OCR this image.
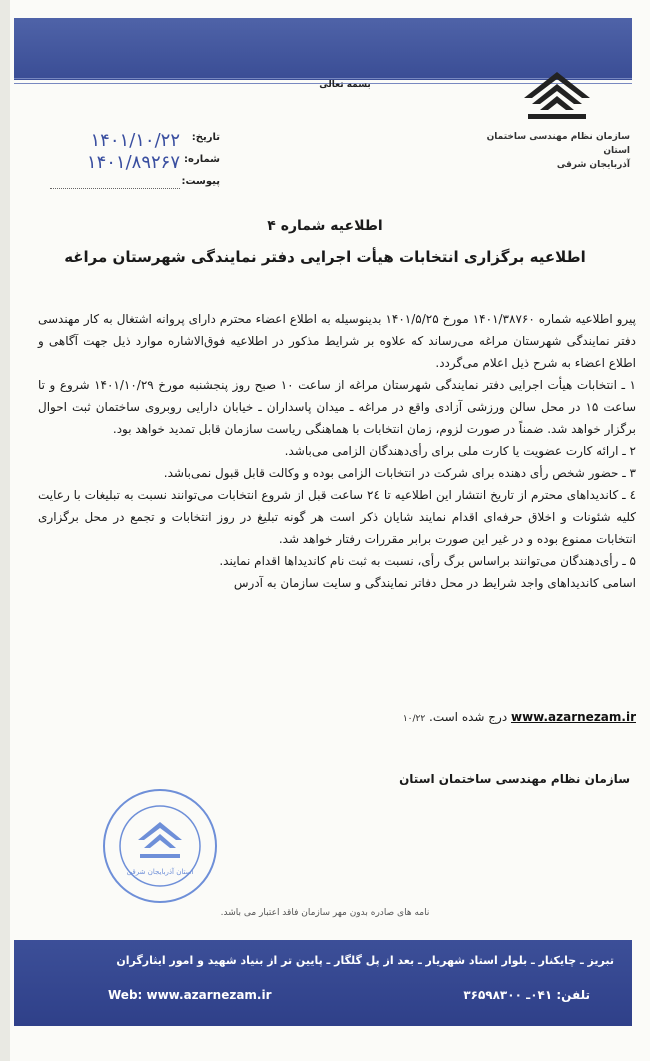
بسمه تعالی
سازمان نظام مهندسی ساختمان استان
آذربایجان شرقی
تاریخ:
۱۴۰۱/۱۰/۲۲
شماره:
۱۴۰۱/۸۹۲۶۷
پیوست:
اطلاعیه شماره ۴
اطلاعیه برگزاری انتخابات هیأت اجرایی دفتر نمایندگی شهرستان مراغه

پیرو اطلاعیه شماره ۱۴۰۱/۳۸۷۶۰ مورخ ۱۴۰۱/۵/۲۵ بدینوسیله به اطلاع اعضاء محترم دارای پروانه اشتغال به کار مهندسی دفتر نمایندگی شهرستان مراغه می‌رساند که علاوه بر شرایط مذکور در اطلاعیه فوق‌الاشاره موارد ذیل جهت آگاهی و اطلاع اعضاء به شرح ذیل اعلام می‌گردد.

۱ ـ انتخابات هیأت اجرایی دفتر نمایندگی شهرستان مراغه از ساعت ۱۰ صبح روز پنجشنبه مورخ ۱۴۰۱/۱۰/۲۹ شروع و تا ساعت ۱۵ در محل سالن ورزشی آزادی واقع در مراغه ـ میدان پاسداران ـ خیابان دارایی روبروی ساختمان ثبت احوال برگزار خواهد شد. ضمناً در صورت لزوم، زمان انتخابات با هماهنگی ریاست سازمان قابل تمدید خواهد بود.

۲ ـ ارائه کارت عضویت یا کارت ملی برای رأی‌دهندگان الزامی می‌باشد.

۳ ـ حضور شخص رأی دهنده برای شرکت در انتخابات الزامی بوده و وکالت قابل قبول نمی‌باشد.

٤ ـ کاندیداهای محترم از تاریخ انتشار این اطلاعیه تا ۲٤ ساعت قبل از شروع انتخابات می‌توانند نسبت به تبلیغات با رعایت کلیه شئونات و اخلاق حرفه‌ای اقدام نمایند شایان ذکر است هر گونه تبلیغ در روز انتخابات و تجمع در محل برگزاری انتخابات ممنوع بوده و در غیر این صورت برابر مقررات رفتار خواهد شد.

۵ ـ رأی‌دهندگان می‌توانند براساس برگ رأی، نسبت به ثبت نام کاندیداها اقدام نمایند.

اسامی کاندیداهای واجد شرایط در محل دفاتر نمایندگی و سایت سازمان به آدرس

www.azarnezam.ir درج شده است. ۱۰/۲۲
سازمان نظام مهندسی ساختمان استان
استان آذربایجان شرقی
نامه های صادره بدون مهر سازمان فاقد اعتبار می باشد.
تبریز ـ چایکنار ـ بلوار استاد شهریار ـ بعد از پل گلگار ـ پایین تر از بنیاد شهید و امور ایثارگران
Web: www.azarnezam.ir	تلفن: ۰۴۱ـ ۳۶۵۹۸۳۰۰
